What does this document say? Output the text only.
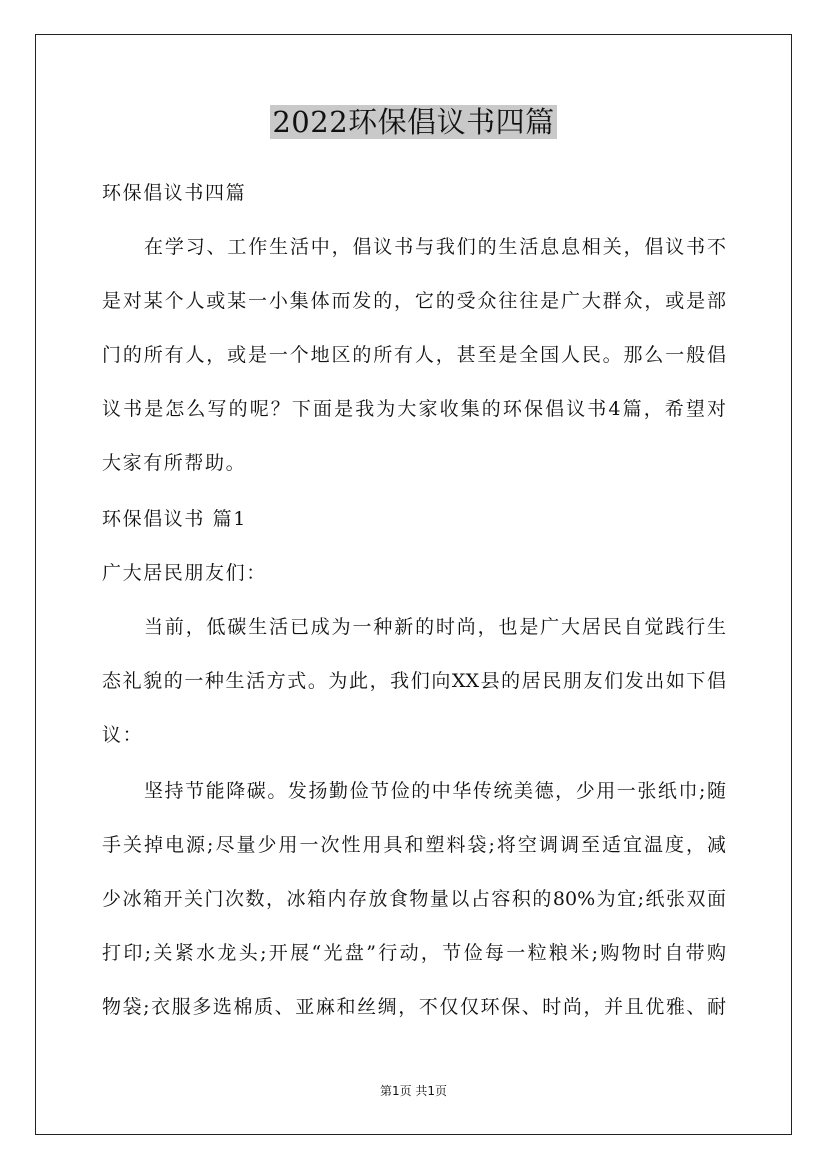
2022环保倡议书四篇
环保倡议书四篇
在学习、工作生活中，倡议书与我们的生活息息相关，倡议书不
是对某个人或某一小集体而发的，它的受众往往是广大群众，或是部
门的所有人，或是一个地区的所有人，甚至是全国人民。那么一般倡
议书是怎么写的呢？下面是我为大家收集的环保倡议书4篇，希望对
大家有所帮助。
环保倡议书 篇1
广大居民朋友们：
当前，低碳生活已成为一种新的时尚，也是广大居民自觉践行生
态礼貌的一种生活方式。为此，我们向XX县的居民朋友们发出如下倡
议：
坚持节能降碳。发扬勤俭节俭的中华传统美德，少用一张纸巾;随
手关掉电源;尽量少用一次性用具和塑料袋;将空调调至适宜温度，减
少冰箱开关门次数，冰箱内存放食物量以占容积的80%为宜;纸张双面
打印;关紧水龙头;开展“光盘”行动，节俭每一粒粮米;购物时自带购
物袋;衣服多选棉质、亚麻和丝绸，不仅仅环保、时尚，并且优雅、耐
第1页 共1页
